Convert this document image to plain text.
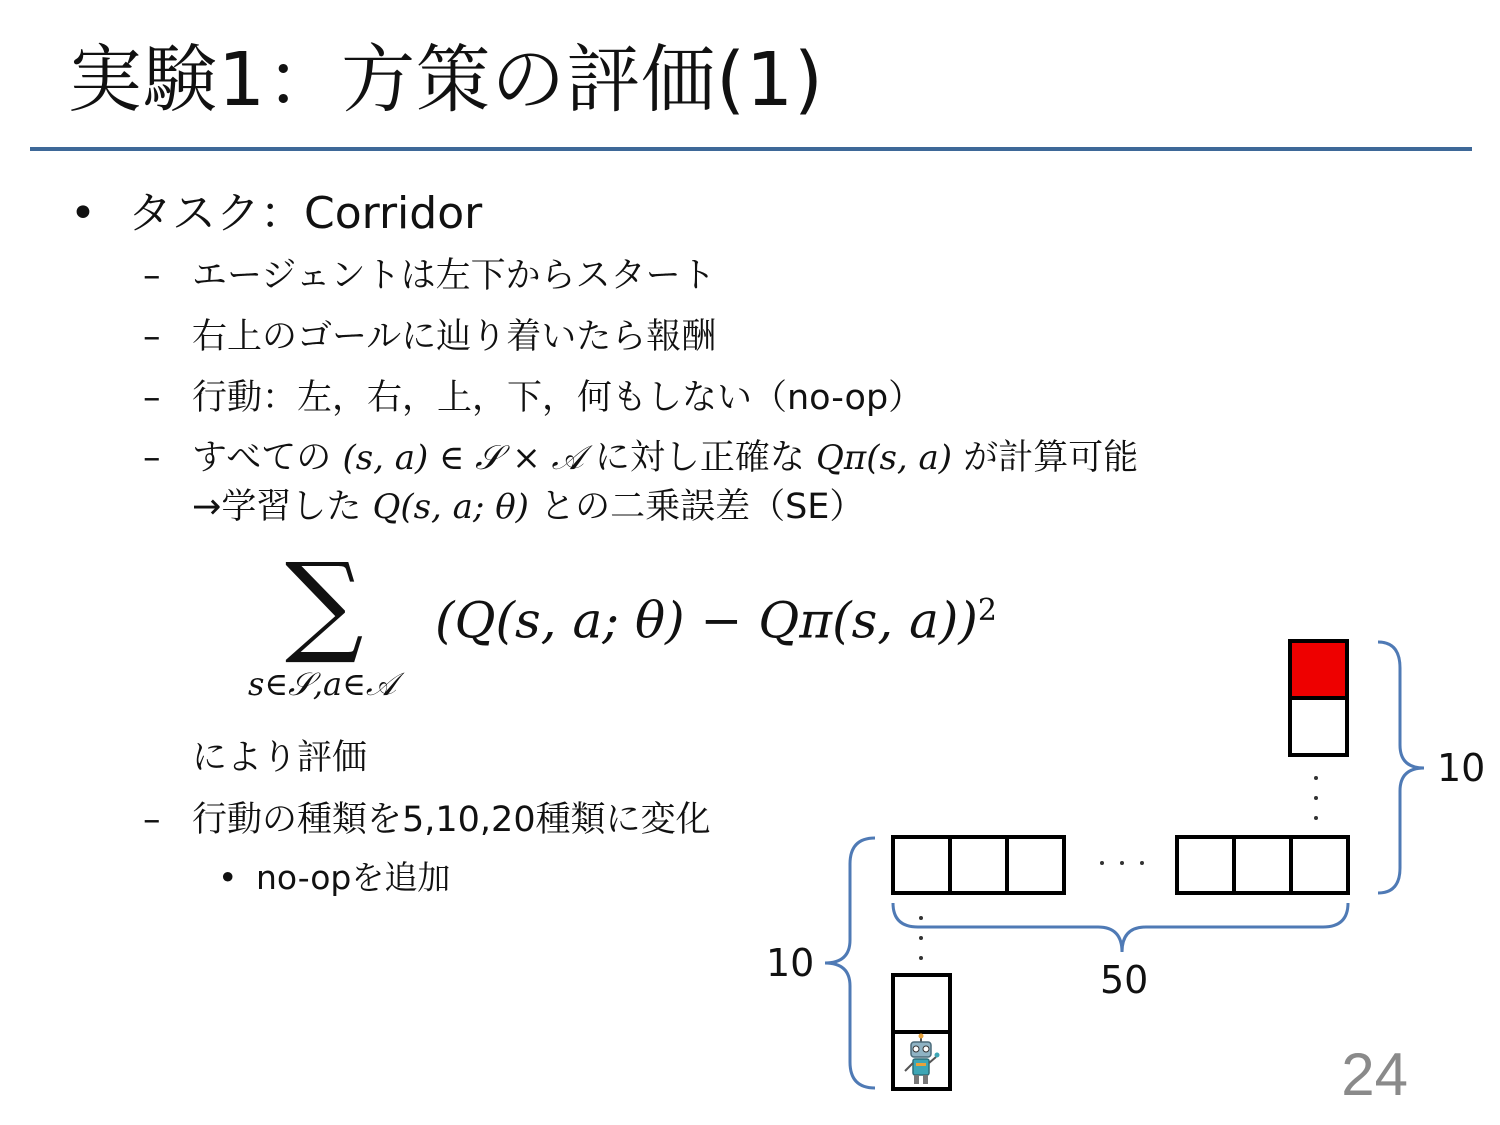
実験1：方策の評価(1)
• タスク：Corridor
– エージェントは左下からスタート
– 右上のゴールに辿り着いたら報酬
– 行動：左，右，上，下，何もしない（no-op）
– すべての (s, a) ∈ 𝒮 × 𝒜 に対し正確な Qπ(s, a) が計算可能
→学習した Q(s, a; θ) との二乗誤差（SE）
∑
s∈𝒮,a∈𝒜
(Q(s, a; θ) − Qπ(s, a))$^2$
により評価
– 行動の種類を5,10,20種類に変化
• no-opを追加
10
10	50
24
